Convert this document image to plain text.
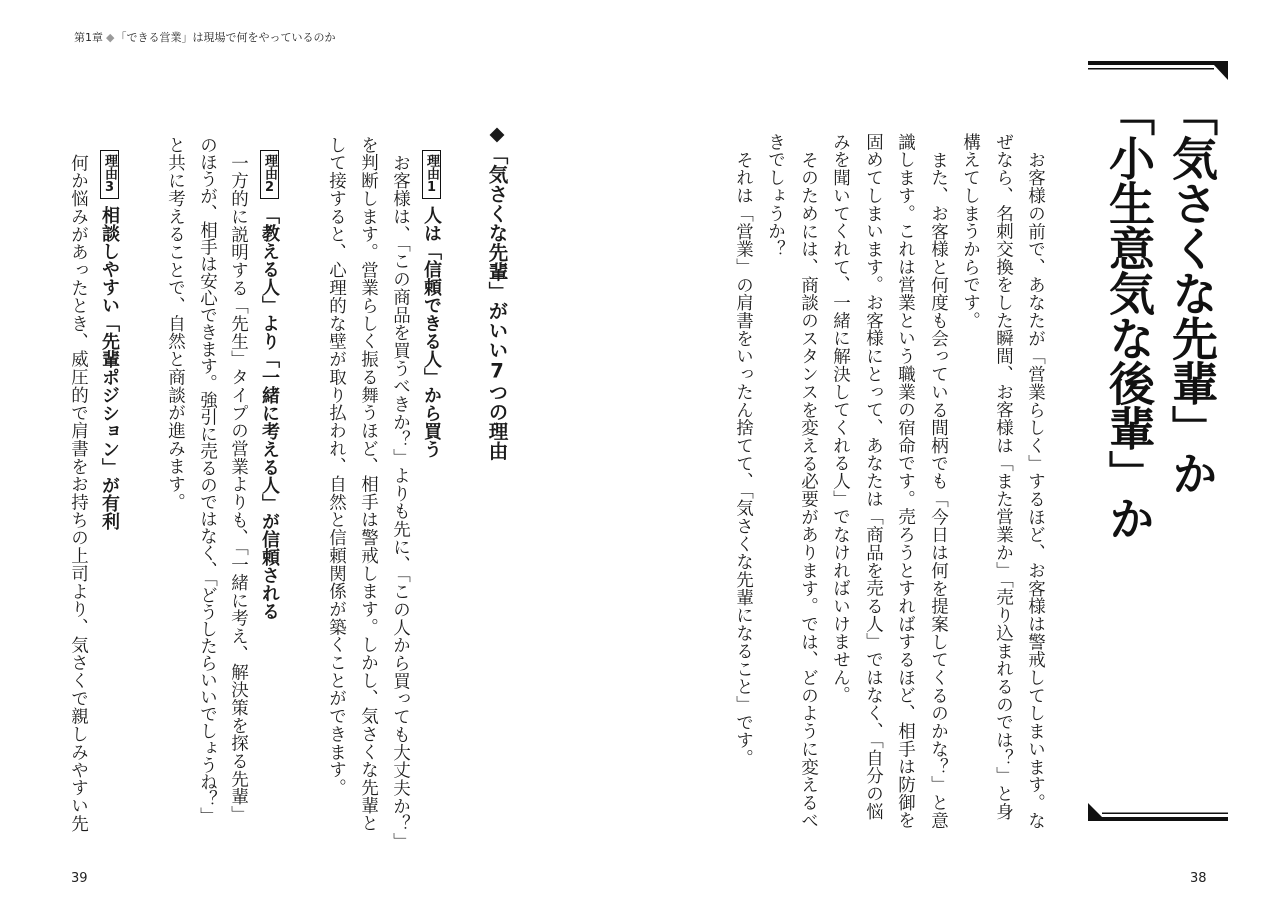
第1章 ◆「できる営業」は現場で何をやっているのか
◆「気さくな先輩」がいい7つの理由
理由1人は「信頼できる人」から買う
お客様は、「この商品を買うべきか？」よりも先に、「この人から買っても大丈夫か？」
を判断します。営業らしく振る舞うほど、相手は警戒します。しかし、気さくな先輩と
して接すると、心理的な壁が取り払われ、自然と信頼関係が築くことができます。
理由2「教える人」より「一緒に考える人」が信頼される
一方的に説明する「先生」タイプの営業よりも、「一緒に考え、解決策を探る先輩」
のほうが、相手は安心できます。強引に売るのではなく、「どうしたらいいでしょうね？」
と共に考えることで、自然と商談が進みます。
理由3相談しやすい「先輩ポジション」が有利
何か悩みがあったとき、威圧的で肩書をお持ちの上司より、気さくで親しみやすい先
39
「気さくな先輩」か
「小生意気な後輩」か
お客様の前で、あなたが「営業らしく」するほど、お客様は警戒してしまいます。な
ぜなら、名刺交換をした瞬間、お客様は「また営業か」「売り込まれるのでは？」と身
構えてしまうからです。
また、お客様と何度も会っている間柄でも「今日は何を提案してくるのかな？」と意
識します。これは営業という職業の宿命です。売ろうとすればするほど、相手は防御を
固めてしまいます。お客様にとって、あなたは「商品を売る人」ではなく、「自分の悩
みを聞いてくれて、一緒に解決してくれる人」でなければいけません。
そのためには、商談のスタンスを変える必要があります。では、どのように変えるべ
きでしょうか？
それは「営業」の肩書をいったん捨てて、「気さくな先輩になること」です。
38
